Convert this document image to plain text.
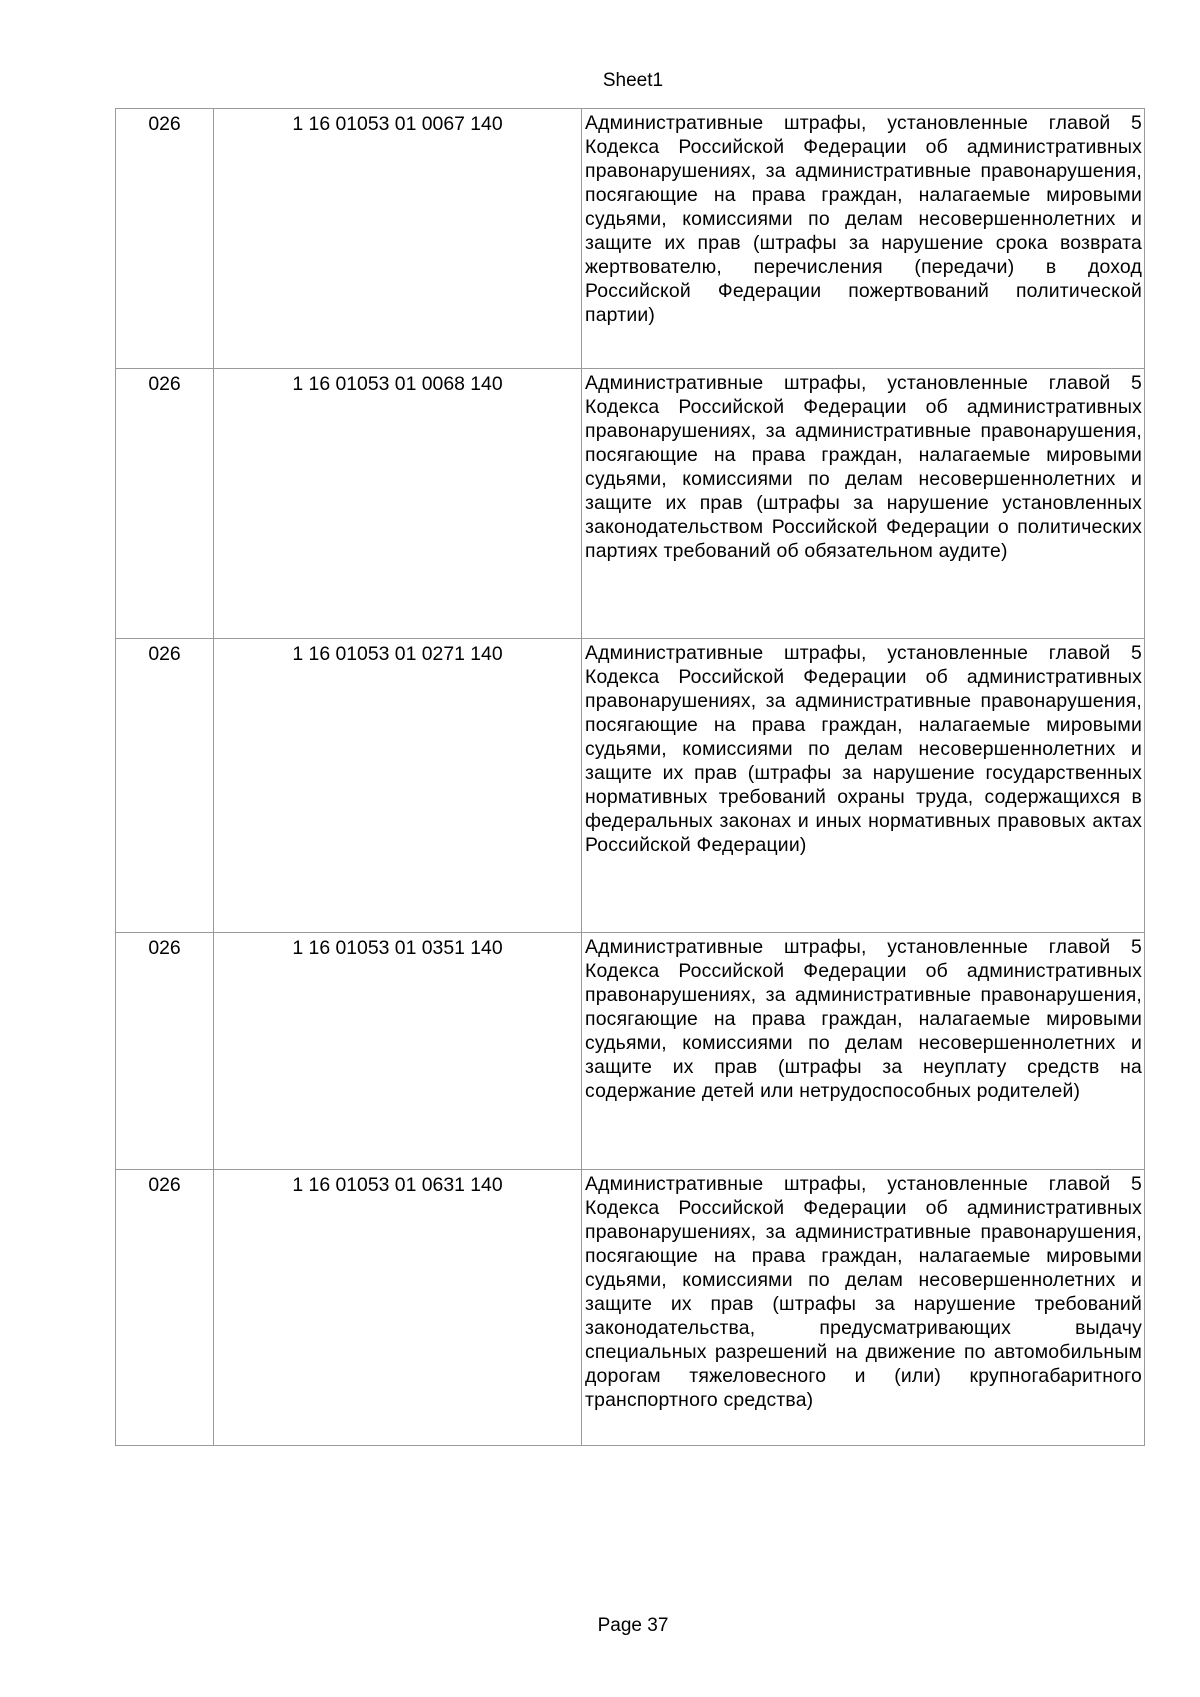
Sheet1
026	1 16 01053 01 0067 140	Административные штрафы, установленные главой 5 Кодекса Российской Федерации об административных правонарушениях, за административные правонарушения, посягающие на права граждан, налагаемые мировыми судьями, комиссиями по делам несовершеннолетних и защите их прав (штрафы за нарушение срока возврата жертвователю, перечисления (передачи) в доход Российской Федерации пожертвований политической партии)
026	1 16 01053 01 0068 140	Административные штрафы, установленные главой 5 Кодекса Российской Федерации об административных правонарушениях, за административные правонарушения, посягающие на права граждан, налагаемые мировыми судьями, комиссиями по делам несовершеннолетних и защите их прав (штрафы за нарушение установленных законодательством Российской Федерации о политических партиях требований об обязательном аудите)
026	1 16 01053 01 0271 140	Административные штрафы, установленные главой 5 Кодекса Российской Федерации об административных правонарушениях, за административные правонарушения, посягающие на права граждан, налагаемые мировыми судьями, комиссиями по делам несовершеннолетних и защите их прав (штрафы за нарушение государственных нормативных требований охраны труда, содержащихся в федеральных законах и иных нормативных правовых актах Российской Федерации)
026	1 16 01053 01 0351 140	Административные штрафы, установленные главой 5 Кодекса Российской Федерации об административных правонарушениях, за административные правонарушения, посягающие на права граждан, налагаемые мировыми судьями, комиссиями по делам несовершеннолетних и защите их прав (штрафы за неуплату средств на содержание детей или нетрудоспособных родителей)
026	1 16 01053 01 0631 140	Административные штрафы, установленные главой 5 Кодекса Российской Федерации об административных правонарушениях, за административные правонарушения, посягающие на права граждан, налагаемые мировыми судьями, комиссиями по делам несовершеннолетних и защите их прав (штрафы за нарушение требований законодательства, предусматривающих выдачу специальных разрешений на движение по автомобильным дорогам тяжеловесного и (или) крупногабаритного транспортного средства)
Page 37
